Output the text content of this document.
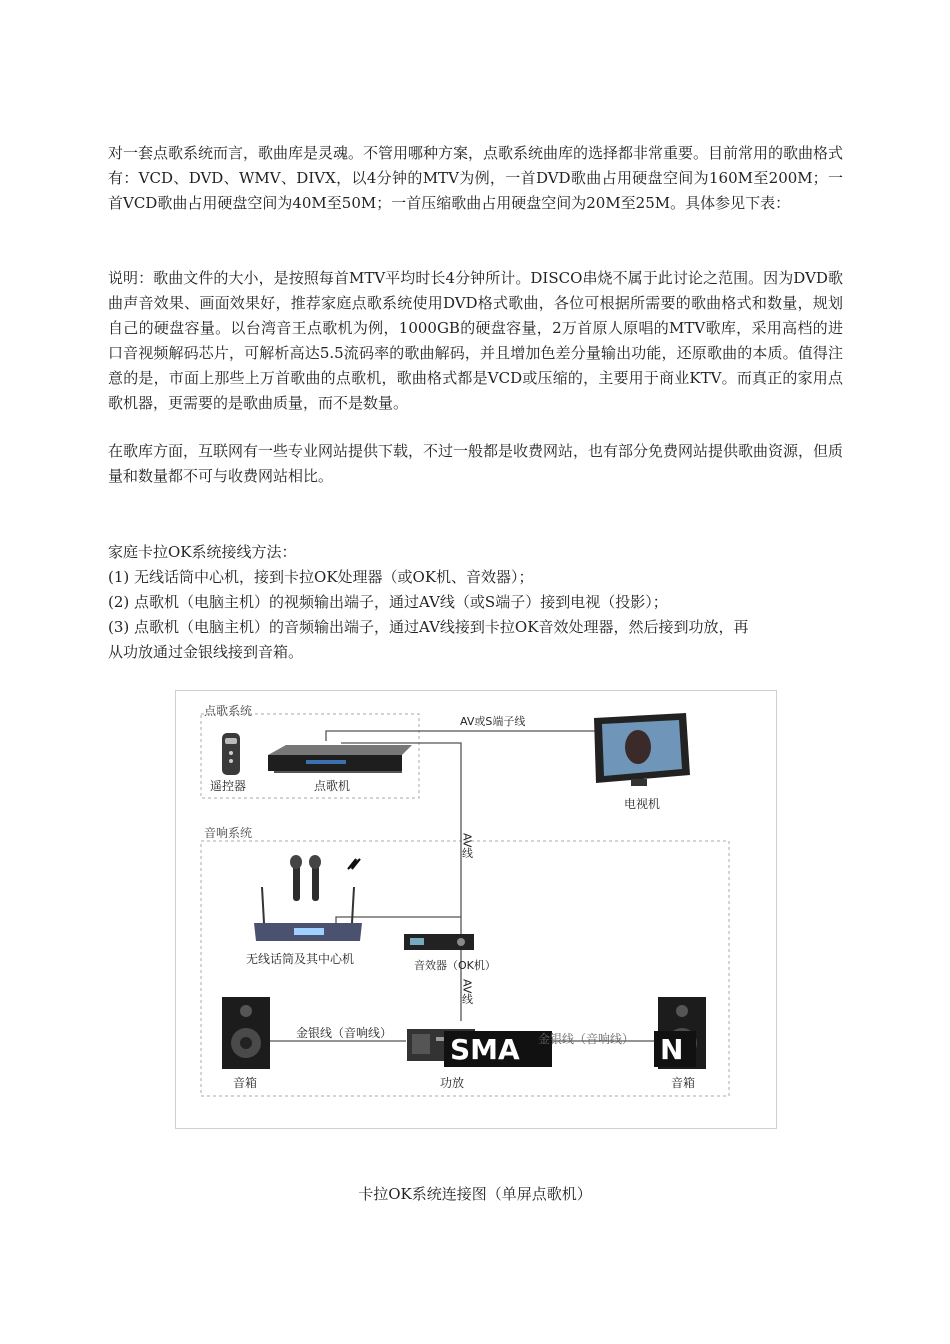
对一套点歌系统而言，歌曲库是灵魂。不管用哪种方案，点歌系统曲库的选择都非常重要。目前常用的歌曲格式有：VCD、DVD、WMV、DIVX，以4分钟的MTV为例，一首DVD歌曲占用硬盘空间为160M至200M；一首VCD歌曲占用硬盘空间为40M至50M；一首压缩歌曲占用硬盘空间为20M至25M。具体参见下表：

说明：歌曲文件的大小，是按照每首MTV平均时长4分钟所计。DISCO串烧不属于此讨论之范围。因为DVD歌曲声音效果、画面效果好，推荐家庭点歌系统使用DVD格式歌曲，各位可根据所需要的歌曲格式和数量，规划自己的硬盘容量。以台湾音王点歌机为例，1000GB的硬盘容量，2万首原人原唱的MTV歌库，采用高档的进口音视频解码芯片，可解析高达5.5流码率的歌曲解码，并且增加色差分量输出功能，还原歌曲的本质。值得注意的是，市面上那些上万首歌曲的点歌机，歌曲格式都是VCD或压缩的，主要用于商业KTV。而真正的家用点歌机器，更需要的是歌曲质量，而不是数量。

在歌库方面，互联网有一些专业网站提供下载，不过一般都是收费网站，也有部分免费网站提供歌曲资源，但质量和数量都不可与收费网站相比。

家庭卡拉OK系统接线方法：
(1) 无线话筒中心机，接到卡拉OK处理器（或OK机、音效器）；
(2) 点歌机（电脑主机）的视频输出端子，通过AV线（或S端子）接到电视（投影）；
(3) 点歌机（电脑主机）的音频输出端子，通过AV线接到卡拉OK音效处理器，然后接到功放，再
从功放通过金银线接到音箱。
点歌系统
音响系统
遥控器	点歌机
电视机
AV或S端子线
AV线
AV线
无线话筒及其中心机	音效器（OK机）
音箱	功放	音箱
金银线（音响线） SMA	N
金银线（音响线）
卡拉OK系统连接图（单屏点歌机）
